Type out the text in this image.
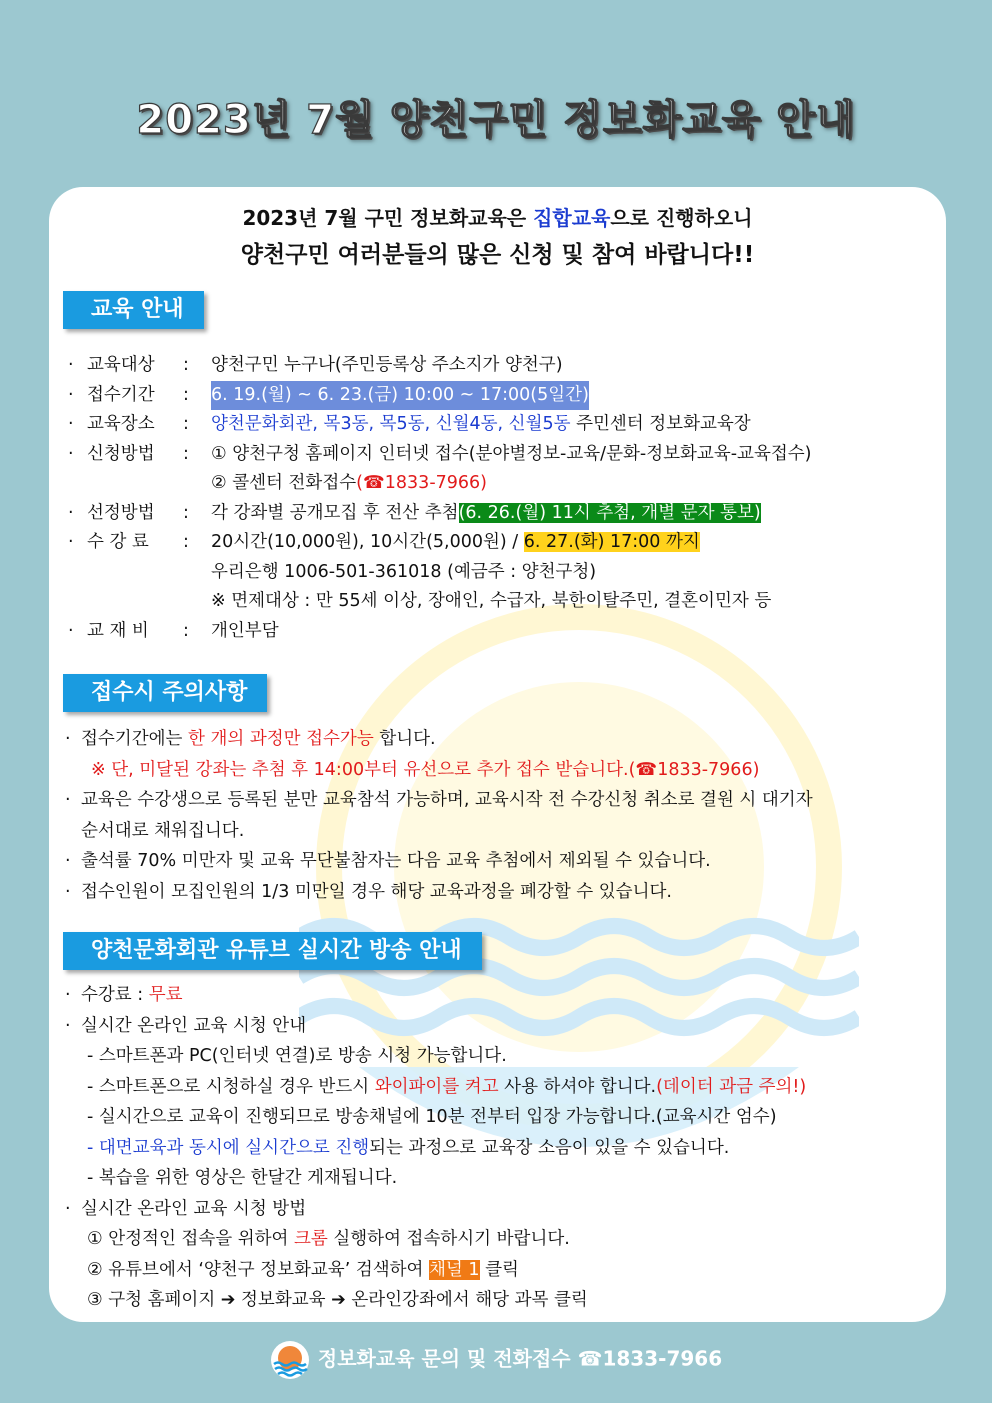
2023년 7월 양천구민 정보화교육 안내
2023년 7월 구민 정보화교육은 집합교육으로 진행하오니
양천구민 여러분들의 많은 신청 및 참여 바랍니다!!
교육 안내
· 교육대상 : 양천구민 누구나(주민등록상 주소지가 양천구)
· 접수기간 : 6. 19.(월) ~ 6. 23.(금) 10:00 ~ 17:00(5일간)
· 교육장소 : 양천문화회관, 목3동, 목5동, 신월4동, 신월5동 주민센터 정보화교육장
· 신청방법 : ① 양천구청 홈페이지 인터넷 접수(분야별정보-교육/문화-정보화교육-교육접수)
② 콜센터 전화접수(☎1833-7966)
· 선정방법 : 각 강좌별 공개모집 후 전산 추첨(6. 26.(월) 11시 추첨, 개별 문자 통보)
· 수 강 료 : 20시간(10,000원), 10시간(5,000원) / 6. 27.(화) 17:00 까지
우리은행 1006-501-361018 (예금주 : 양천구청)
※ 면제대상 : 만 55세 이상, 장애인, 수급자, 북한이탈주민, 결혼이민자 등
· 교 재 비 : 개인부담
접수시 주의사항
· 접수기간에는 한 개의 과정만 접수가능 합니다.
※ 단, 미달된 강좌는 추첨 후 14:00부터 유선으로 추가 접수 받습니다.(☎1833-7966)
· 교육은 수강생으로 등록된 분만 교육참석 가능하며, 교육시작 전 수강신청 취소로 결원 시 대기자
순서대로 채워집니다.
· 출석률 70% 미만자 및 교육 무단불참자는 다음 교육 추첨에서 제외될 수 있습니다.
· 접수인원이 모집인원의 1/3 미만일 경우 해당 교육과정을 폐강할 수 있습니다.
양천문화회관 유튜브 실시간 방송 안내
· 수강료 : 무료
· 실시간 온라인 교육 시청 안내
- 스마트폰과 PC(인터넷 연결)로 방송 시청 가능합니다.
- 스마트폰으로 시청하실 경우 반드시 와이파이를 켜고 사용 하셔야 합니다.(데이터 과금 주의!)
- 실시간으로 교육이 진행되므로 방송채널에 10분 전부터 입장 가능합니다.(교육시간 엄수)
- 대면교육과 동시에 실시간으로 진행되는 과정으로 교육장 소음이 있을 수 있습니다.
- 복습을 위한 영상은 한달간 게재됩니다.
· 실시간 온라인 교육 시청 방법
① 안정적인 접속을 위하여 크롬 실행하여 접속하시기 바랍니다.
② 유튜브에서 ‘양천구 정보화교육’ 검색하여 채널 1 클릭
③ 구청 홈페이지 ➔ 정보화교육 ➔ 온라인강좌에서 해당 과목 클릭
정보화교육 문의 및 전화접수 ☎1833-7966
